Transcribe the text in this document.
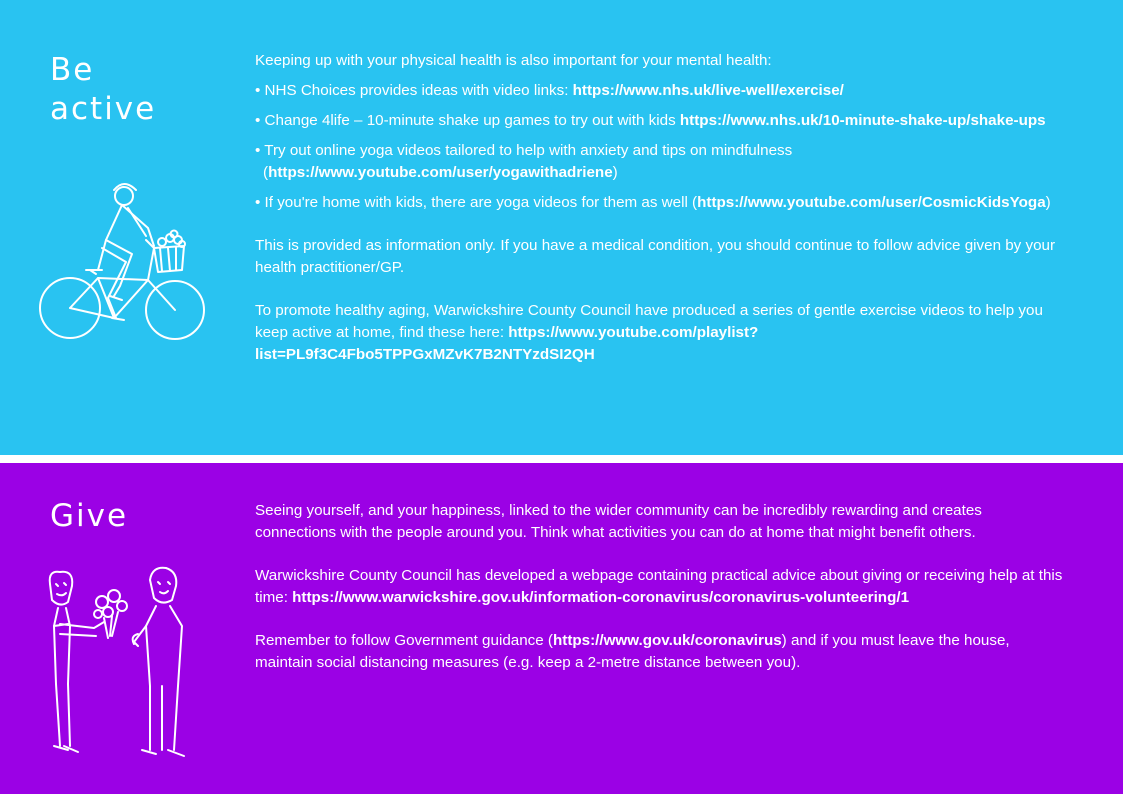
Be
active

Keeping up with your physical health is also important for your mental health:

• NHS Choices provides ideas with video links: https://www.nhs.uk/live-well/exercise/
• Change 4life – 10-minute shake up games to try out with kids https://www.nhs.uk/10-minute-shake-up/shake-ups
• Try out online yoga videos tailored to help with anxiety and tips on mindfulness (https://www.youtube.com/user/yogawithadriene)
• If you're home with kids, there are yoga videos for them as well (https://www.youtube.com/user/CosmicKidsYoga)

This is provided as information only. If you have a medical condition, you should continue to follow advice given by your health practitioner/GP.

To promote healthy aging, Warwickshire County Council have produced a series of gentle exercise videos to help you keep active at home, find these here: https://www.youtube.com/playlist?list=PL9f3C4Fbo5TPPGxMZvK7B2NTYzdSI2QH

Give	Seeing yourself, and your happiness, linked to the wider community can be incredibly rewarding and creates connections with the people around you. Think what activities you can do at home that might benefit others.

Warwickshire County Council has developed a webpage containing practical advice about giving or receiving help at this time: https://www.warwickshire.gov.uk/information-coronavirus/coronavirus-volunteering/1

Remember to follow Government guidance (https://www.gov.uk/coronavirus) and if you must leave the house, maintain social distancing measures (e.g. keep a 2-metre distance between you).
